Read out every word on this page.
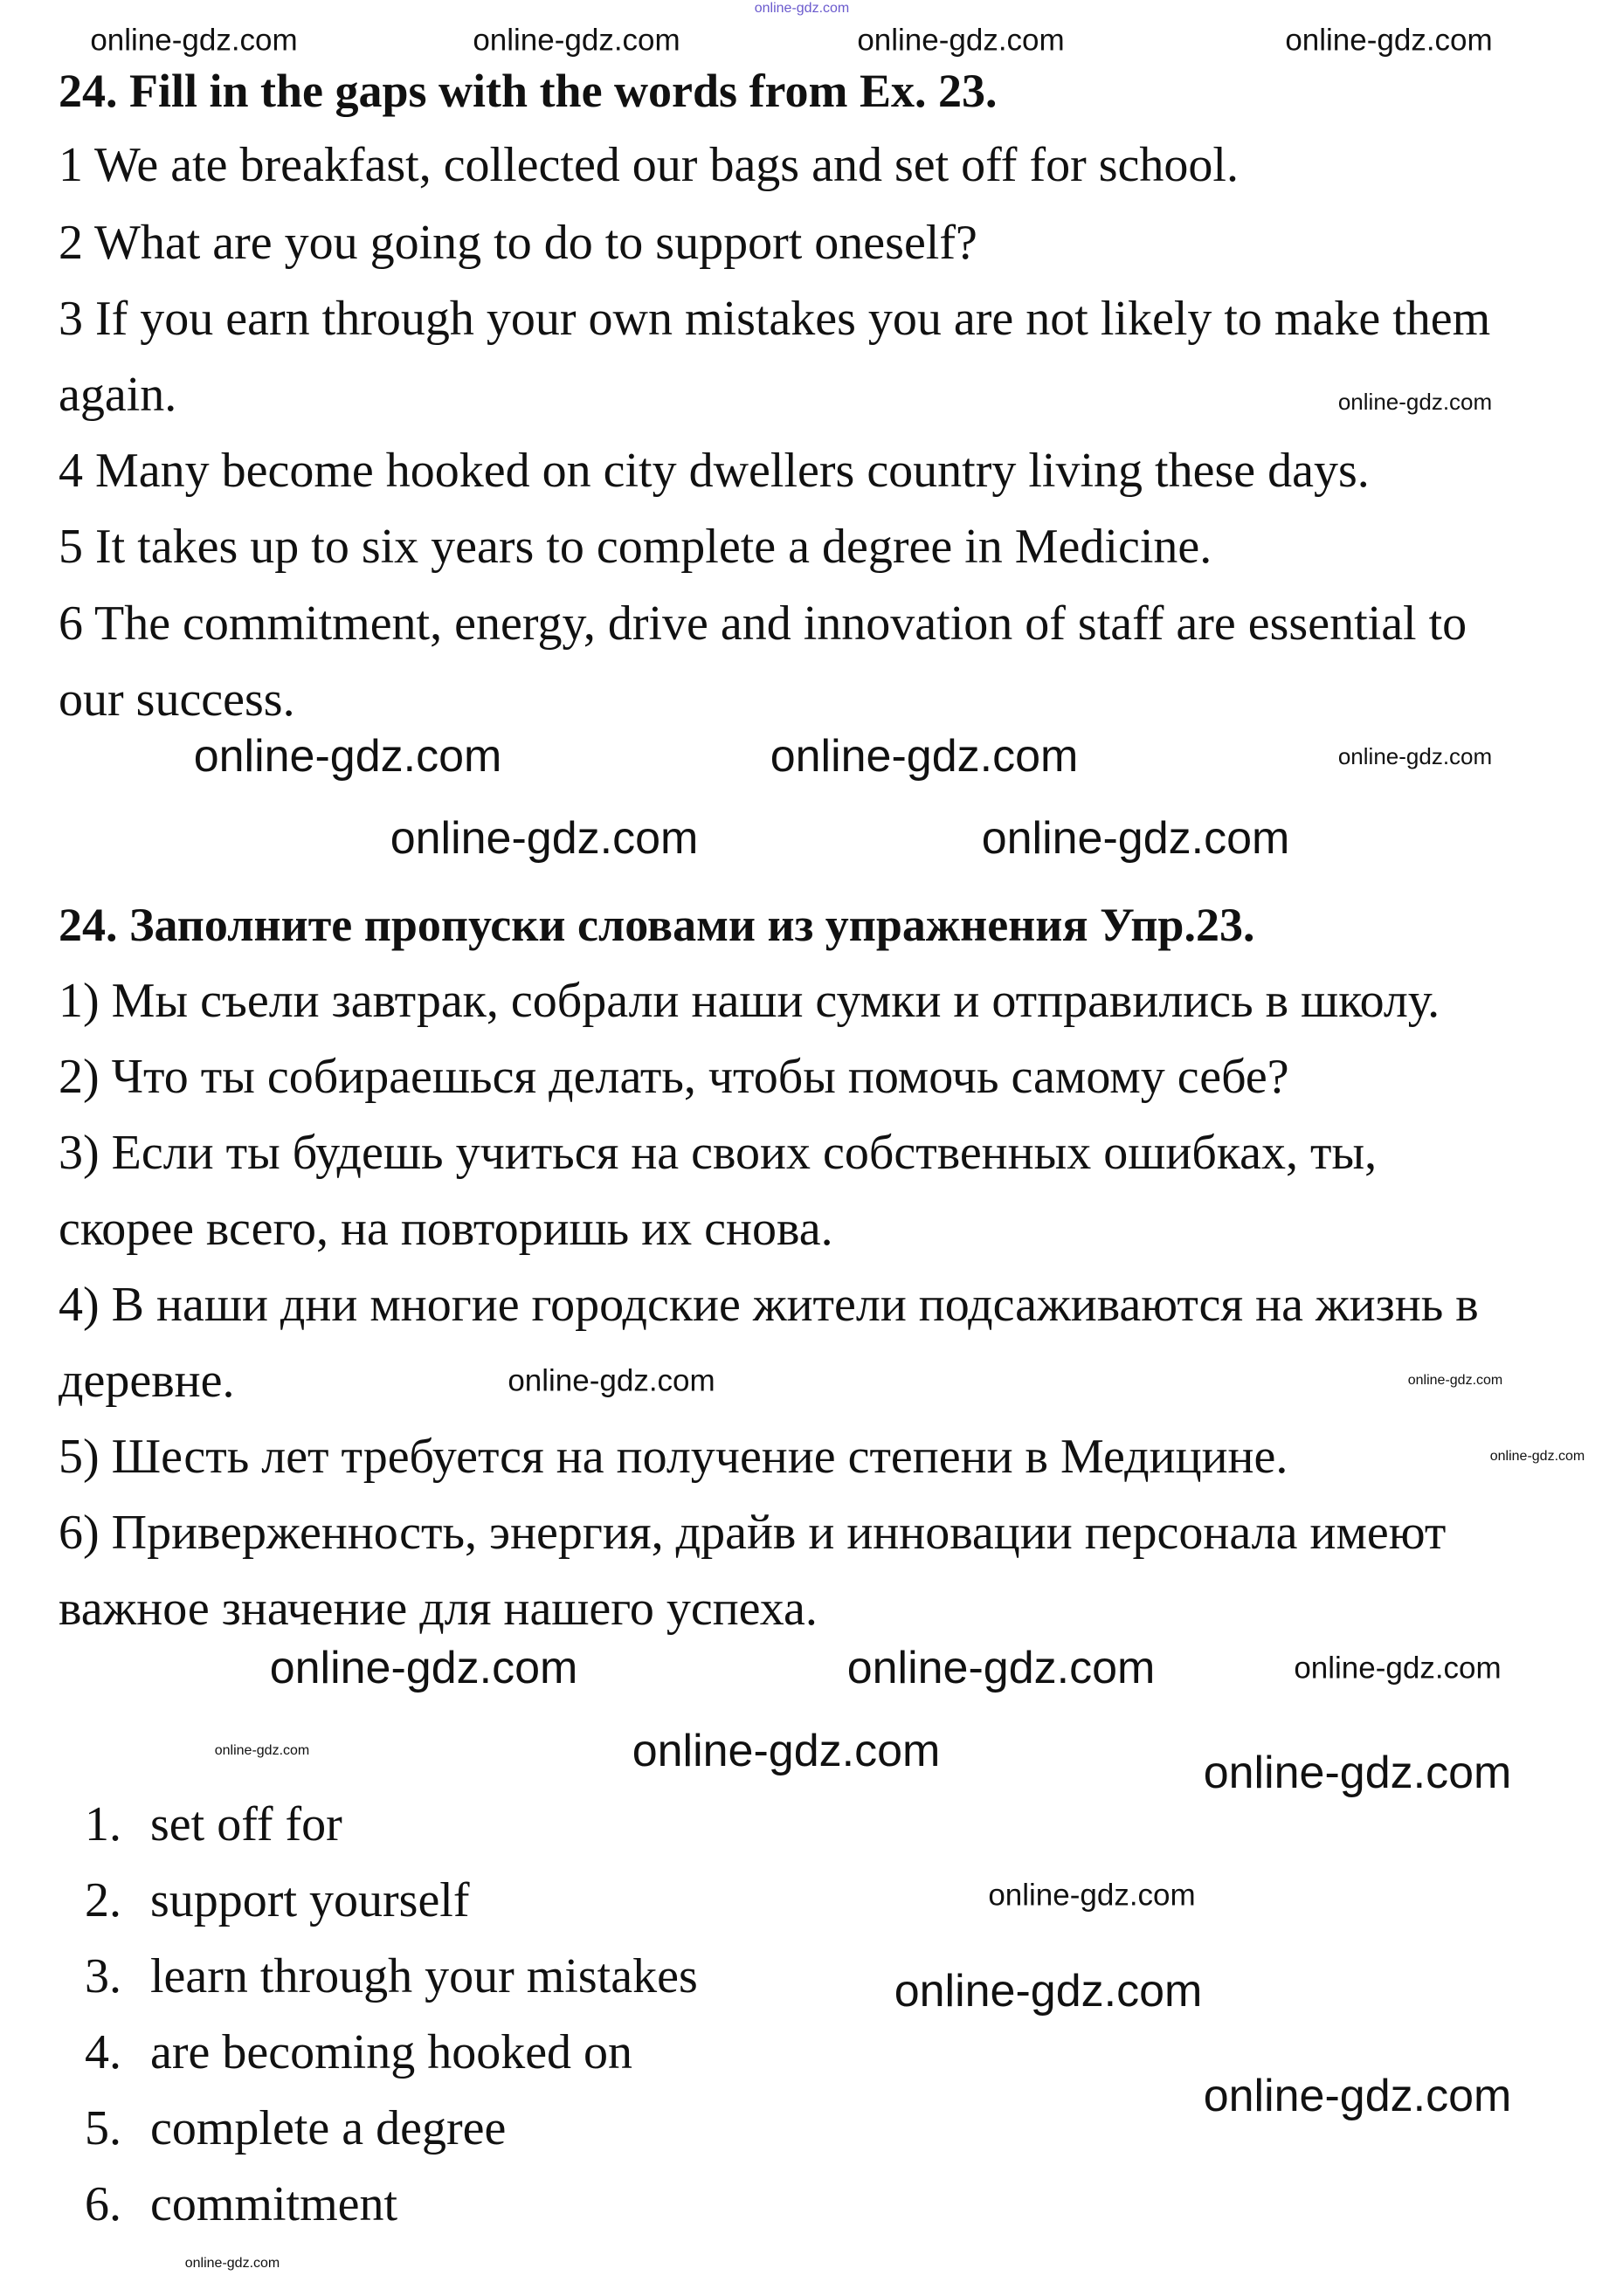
24. Fill in the gaps with the words from Ex. 23.
1 We ate breakfast, collected our bags and set off for school.
2 What are you going to do to support oneself?
3 If you earn through your own mistakes you are not likely to make them
again.
4 Many become hooked on city dwellers country living these days.
5 It takes up to six years to complete a degree in Medicine.
6 The commitment, energy, drive and innovation of staff are essential to
our success.
24. Заполните пропуски словами из упражнения Упр.23.
1) Мы съели завтрак, собрали наши сумки и отправились в школу.
2) Что ты собираешься делать, чтобы помочь самому себе?
3) Если ты будешь учиться на своих собственных ошибках, ты,
скорее всего, на повторишь их снова.
4) В наши дни многие городские жители подсаживаются на жизнь в
деревне.
5) Шесть лет требуется на получение степени в Медицине.
6) Приверженность, энергия, драйв и инновации персонала имеют
важное значение для нашего успеха.
1. set off for
2. support yourself
3. learn through your mistakes
4. are becoming hooked on
5. complete a degree
6. commitment
online-gdz.com
online-gdz.com	online-gdz.com	online-gdz.com	online-gdz.com
online-gdz.com	online-gdz.com
online-gdz.com
online-gdz.com
online-gdz.com
online-gdz.com
online-gdz.com	online-gdz.com
online-gdz.com
online-gdz.com	online-gdz.com
online-gdz.com
online-gdz.com
online-gdz.com
online-gdz.com
online-gdz.com
online-gdz.com
online-gdz.com
online-gdz.com
